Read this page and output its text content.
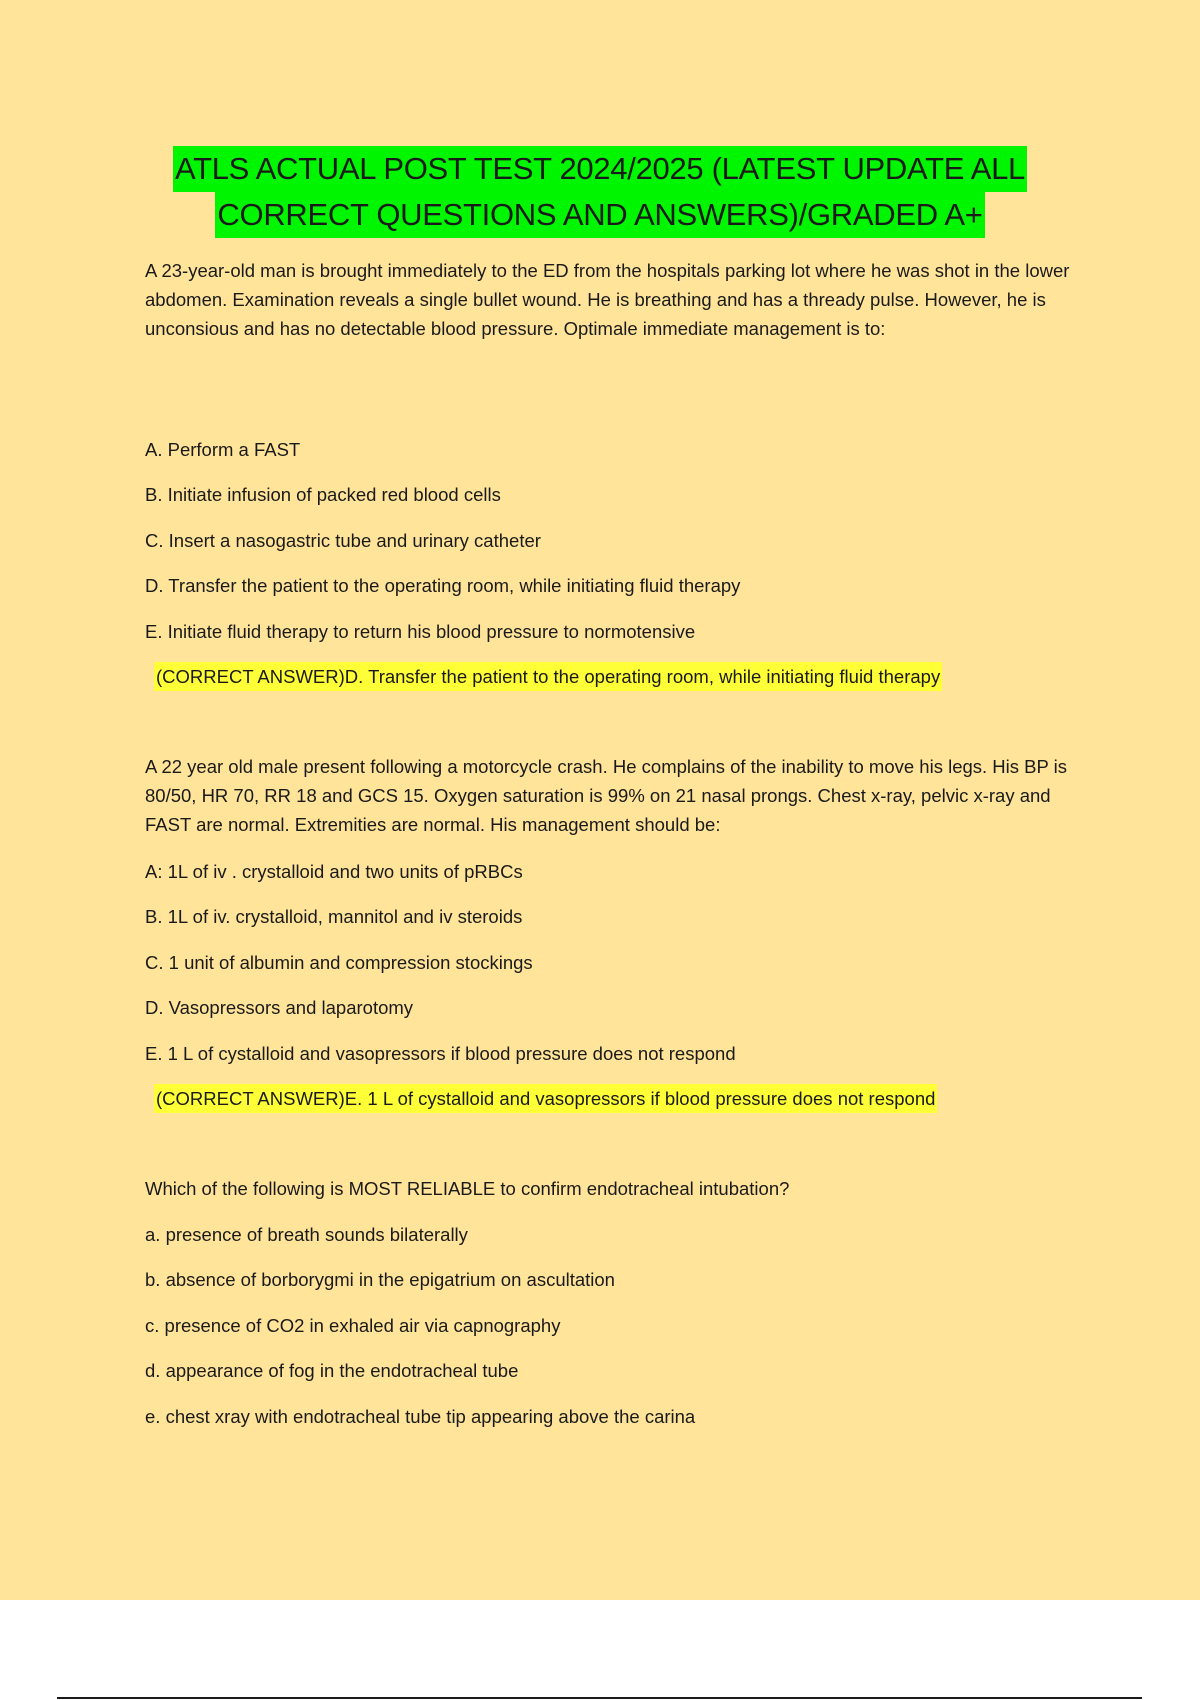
ATLS ACTUAL POST TEST 2024/2025 (LATEST UPDATE ALL
CORRECT QUESTIONS AND ANSWERS)/GRADED A+

A 23-year-old man is brought immediately to the ED from the hospitals parking lot where he was shot in the lower abdomen. Examination reveals a single bullet wound. He is breathing and has a thready pulse. However, he is unconsious and has no detectable blood pressure. Optimale immediate management is to:

A. Perform a FAST

B. Initiate infusion of packed red blood cells

C. Insert a nasogastric tube and urinary catheter

D. Transfer the patient to the operating room, while initiating fluid therapy

E. Initiate fluid therapy to return his blood pressure to normotensive

(CORRECT ANSWER)D. Transfer the patient to the operating room, while initiating fluid therapy

A 22 year old male present following a motorcycle crash. He complains of the inability to move his legs. His BP is 80/50, HR 70, RR 18 and GCS 15. Oxygen saturation is 99% on 21 nasal prongs. Chest x-ray, pelvic x-ray and FAST are normal. Extremities are normal. His management should be:

A: 1L of iv . crystalloid and two units of pRBCs

B. 1L of iv. crystalloid, mannitol and iv steroids

C. 1 unit of albumin and compression stockings

D. Vasopressors and laparotomy

E. 1 L of cystalloid and vasopressors if blood pressure does not respond

(CORRECT ANSWER)E. 1 L of cystalloid and vasopressors if blood pressure does not respond

Which of the following is MOST RELIABLE to confirm endotracheal intubation?

a. presence of breath sounds bilaterally

b. absence of borborygmi in the epigatrium on ascultation

c. presence of CO2 in exhaled air via capnography

d. appearance of fog in the endotracheal tube

e. chest xray with endotracheal tube tip appearing above the carina
